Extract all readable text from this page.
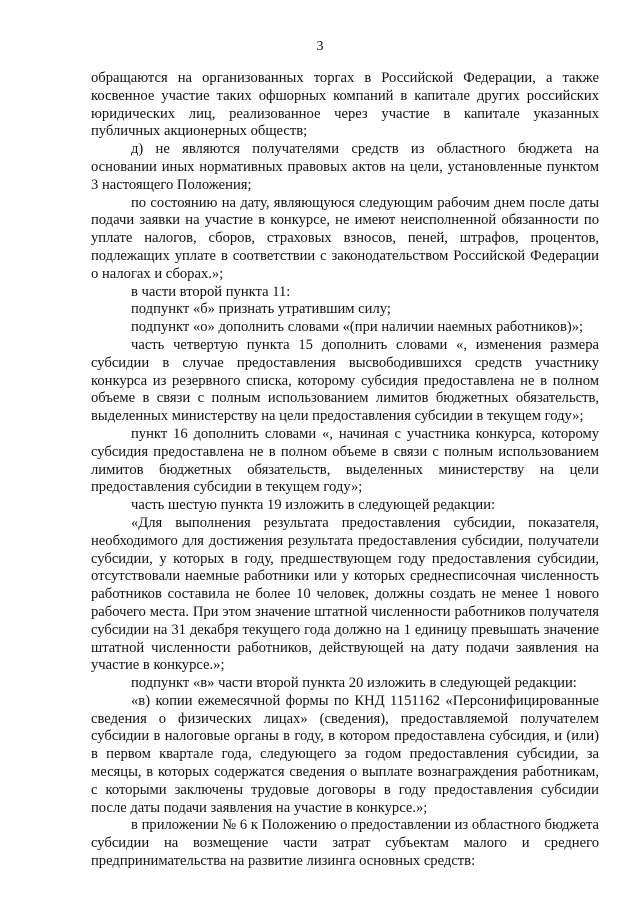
3

обращаются на организованных торгах в Российской Федерации, а также косвенное участие таких офшорных компаний в капитале других российских юридических лиц, реализованное через участие в капитале указанных публичных акционерных обществ;

д) не являются получателями средств из областного бюджета на основании иных нормативных правовых актов на цели, установленные пунктом 3 настоящего Положения;

по состоянию на дату, являющуюся следующим рабочим днем после даты подачи заявки на участие в конкурсе, не имеют неисполненной обязанности по уплате налогов, сборов, страховых взносов, пеней, штрафов, процентов, подлежащих уплате в соответствии с законодательством Российской Федерации о налогах и сборах.»;

в части второй пункта 11:

подпункт «б» признать утратившим силу;

подпункт «о» дополнить словами «(при наличии наемных работников)»;

часть четвертую пункта 15 дополнить словами «, изменения размера субсидии в случае предоставления высвободившихся средств участнику конкурса из резервного списка, которому субсидия предоставлена не в полном объеме в связи с полным использованием лимитов бюджетных обязательств, выделенных министерству на цели предоставления субсидии в текущем году»;

пункт 16 дополнить словами «, начиная с участника конкурса, которому субсидия предоставлена не в полном объеме в связи с полным использованием лимитов бюджетных обязательств, выделенных министерству на цели предоставления субсидии в текущем году»;

часть шестую пункта 19 изложить в следующей редакции:

«Для выполнения результата предоставления субсидии, показателя, необходимого для достижения результата предоставления субсидии, получатели субсидии, у которых в году, предшествующем году предоставления субсидии, отсутствовали наемные работники или у которых среднесписочная численность работников составила не более 10 человек, должны создать не менее 1 нового рабочего места. При этом значение штатной численности работников получателя субсидии на 31 декабря текущего года должно на 1 единицу превышать значение штатной численности работников, действующей на дату подачи заявления на участие в конкурсе.»;

подпункт «в» части второй пункта 20 изложить в следующей редакции:

«в) копии ежемесячной формы по КНД 1151162 «Персонифицированные сведения о физических лицах» (сведения), предоставляемой получателем субсидии в налоговые органы в году, в котором предоставлена субсидия, и (или) в первом квартале года, следующего за годом предоставления субсидии, за месяцы, в которых содержатся сведения о выплате вознаграждения работникам, с которыми заключены трудовые договоры в году предоставления субсидии после даты подачи заявления на участие в конкурсе.»;

в приложении № 6 к Положению о предоставлении из областного бюджета субсидии на возмещение части затрат субъектам малого и среднего предпринимательства на развитие лизинга основных средств:
